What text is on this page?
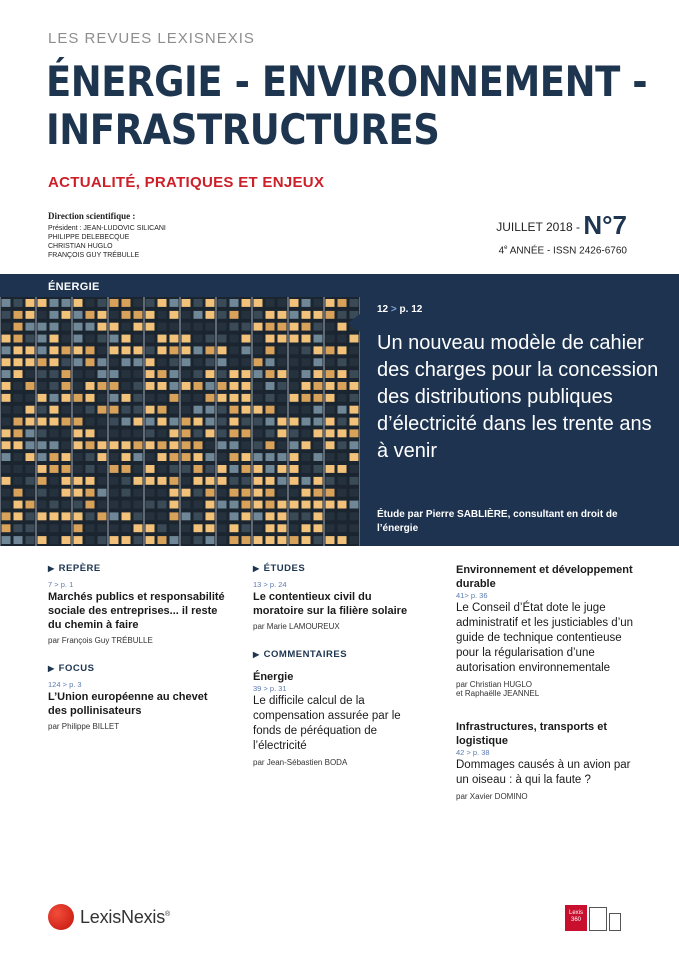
LES REVUES LEXISNEXIS
ÉNERGIE - ENVIRONNEMENT -
INFRASTRUCTURES
ACTUALITÉ, PRATIQUES ET ENJEUX
Direction scientifique :
Président : JEAN-LUDOVIC SILICANI
PHILIPPE DELEBECQUE
CHRISTIAN HUGLO
FRANÇOIS GUY TRÉBULLE
JUILLET 2018 - N°7
4e ANNÉE - ISSN 2426-6760
ÉNERGIE
12 > p. 12
Un nouveau modèle de cahier des charges pour la concession des distributions publiques d’électricité dans les trente ans à venir
Étude par Pierre SABLIÈRE, consultant en droit de l’énergie
▶ REPÈRE
7 > p. 1
Marchés publics et responsabilité sociale des entreprises... il reste du chemin à faire
par François Guy TRÉBULLE
▶ FOCUS
124 > p. 3
L’Union européenne au chevet des pollinisateurs
par Philippe BILLET
▶ ÉTUDES
13 > p. 24
Le contentieux civil du moratoire sur la filière solaire
par Marie LAMOUREUX
▶ COMMENTAIRES
Énergie
39 > p. 31
Le difficile calcul de la compensation assurée par le fonds de péréquation de l’électricité
par Jean-Sébastien BODA
Environnement et développement durable
41> p. 36
Le Conseil d’État dote le juge administratif et les justiciables d’un guide de technique contentieuse pour la régularisation d’une autorisation environnementale
par Christian HUGLO
et Raphaëlle JEANNEL
Infrastructures, transports et logistique
42 > p. 38
Dommages causés à un avion par un oiseau : à qui la faute ?
par Xavier DOMINO
LexisNexis®	Lexis
360
